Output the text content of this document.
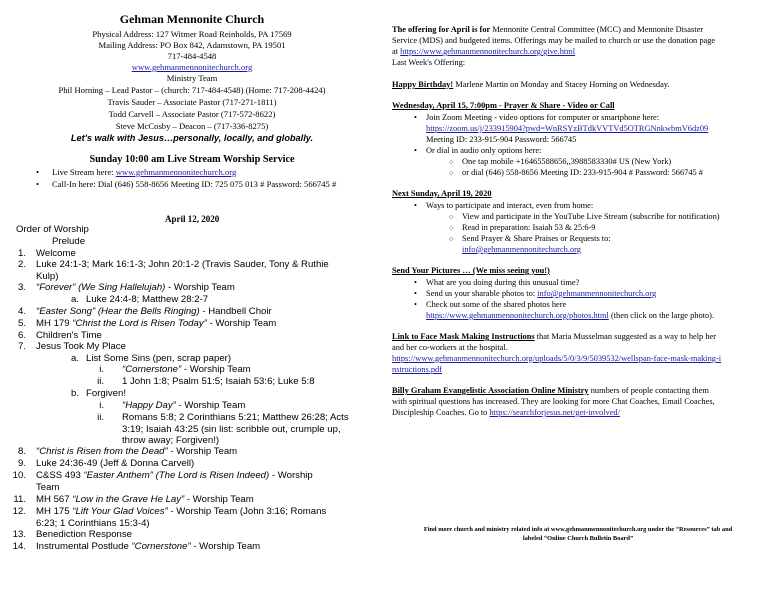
Gehman Mennonite Church
Physical Address: 127 Witmer Road Reinholds, PA 17569
Mailing Address: PO Box 842, Adamstown, PA 19501
717-484-4548
www.gehmanmennonitechurch.org
Ministry Team
Phil Horning – Lead Pastor – (church: 717-484-4548) (Home: 717-208-4424)
Travis Sauder – Associate Pastor (717-271-1811)
Todd Carvell – Associate Pastor (717-572-8622)
Steve McCosby – Deacon – (717-336-8275)
Let's walk with Jesus…personally, locally, and globally.
Sunday 10:00 am Live Stream Worship Service
• Live Stream here: www.gehmanmennonitechurch.org
• Call-In here: Dial (646) 558-8656 Meeting ID: 725 075 013 # Password: 566745 #
April 12, 2020
Order of Worship
Prelude
1. Welcome
2. Luke 24:1-3; Mark 16:1-3; John 20:1-2 (Travis Sauder, Tony & Ruthie
Kulp)
3. “Forever” (We Sing Hallelujah) - Worship Team
a. Luke 24:4-8; Matthew 28:2-7
4. “Easter Song” (Hear the Bells Ringing) - Handbell Choir
5. MH 179 “Christ the Lord is Risen Today” - Worship Team
6. Children's Time
7. Jesus Took My Place
a. List Some Sins (pen, scrap paper)
i. “Cornerstone” - Worship Team
ii. 1 John 1:8; Psalm 51:5; Isaiah 53:6; Luke 5:8
b. Forgiven!
i. “Happy Day” - Worship Team
ii. Romans 5:8; 2 Corinthians 5:21; Matthew 26:28; Acts
3:19; Isaiah 43:25 (sin list: scribble out, crumple up,
throw away; Forgiven!)
8. “Christ is Risen from the Dead” - Worship Team
9. Luke 24:36-49 (Jeff & Donna Carvell)
10. C&SS 493 “Easter Anthem” (The Lord is Risen Indeed) - Worship
Team
11. MH 567 “Low in the Grave He Lay” - Worship Team
12. MH 175 “Lift Your Glad Voices” - Worship Team (John 3:16; Romans
6:23; 1 Corinthians 15:3-4)
13. Benediction Response
14. Instrumental Postlude “Cornerstone” - Worship Team
The offering for April is for Mennonite Central Committee (MCC) and Mennonite Disaster
Service (MDS) and budgeted items. Offerings may be mailed to church or use the donation page
at https://www.gehmanmennonitechurch.org/give.html
Last Week's Offering:
Happy Birthday! Marlene Martin on Monday and Stacey Horning on Wednesday.
Wednesday, April 15, 7:00pm - Prayer & Share - Video or Call
• Join Zoom Meeting - video options for computer or smartphone here:
https://zoom.us/j/233915904?pwd=WnRSYzBTdkVVTVd5OTRGNnkwbmV6dz09
Meeting ID: 233-915-904 Password: 566745
• Or dial in audio only options here:
○ One tap mobile +16465588656,,3988583330# US (New York)
○ or dial (646) 558-8656 Meeting ID: 233-915-904 # Password: 566745 #
Next Sunday, April 19, 2020
• Ways to participate and interact, even from home:
○ View and participate in the YouTube Live Stream (subscribe for notification)
○ Read in preparation: Isaiah 53 & 25:6-9
○ Send Prayer & Share Praises or Requests to:
info@gehmanmennonitechurch.org
Send Your Pictures … (We miss seeing you!)
• What are you doing during this unusual time?
• Send us your sharable photos to: info@gehmanmennonitechurch.org
• Check out some of the shared photos here
https://www.gehmanmennonitechurch.org/photos.html (then click on the large photo).
Link to Face Mask Making Instructions that Maria Musselman suggested as a way to help her
and her co-workers at the hospital.
https://www.gehmanmennonitechurch.org/uploads/5/0/3/9/5039532/wellspan-face-mask-making-i
nstructions.pdf
Billy Graham Evangelistic Association Online Ministry numbers of people contacting them
with spiritual questions has increased. They are looking for more Chat Coaches, Email Coaches,
Discipleship Coaches. Go to https://searchforjesus.net/get-involved/
Find more church and ministry related info at www.gehmanmennonitechurch.org under the “Resources” tab and
labeled “Online Church Bulletin Board”
